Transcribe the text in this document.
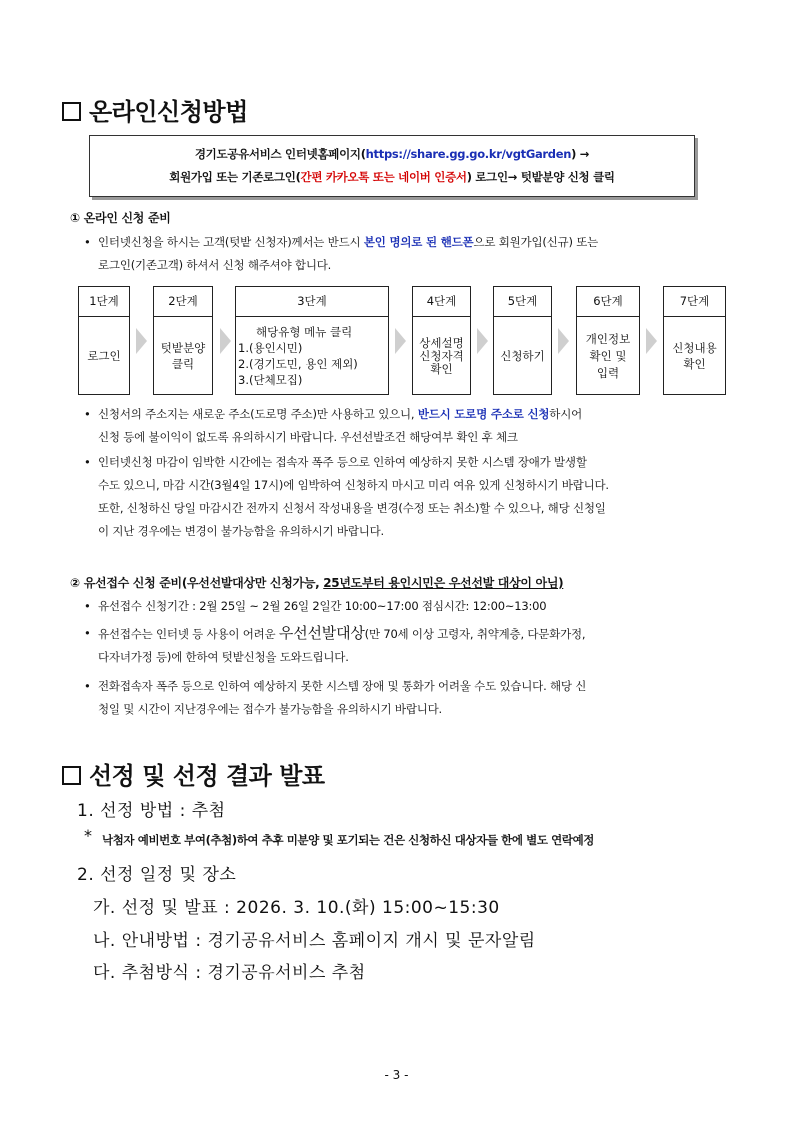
온라인신청방법
경기도공유서비스 인터넷홈페이지(https://share.gg.go.kr/vgtGarden) →
회원가입 또는 기존로그인(간편 카카오톡 또는 네이버 인증서) 로그인→ 텃밭분양 신청 클릭
① 온라인 신청 준비
• 인터넷신청을 하시는 고객(텃밭 신청자)께서는 반드시 본인 명의로 된 핸드폰으로 회원가입(신규) 또는
로그인(기존고객) 하셔서 신청 해주셔야 합니다.
1단계
로그인
2단계
텃밭분양
클릭
3단계
해당유형 메뉴 클릭
1.(용인시민)
2.(경기도민, 용인 제외)
3.(단체모집)
4단계
상세설명
신청자격
확인
5단계
신청하기
6단계
개인정보
확인 및
입력
7단계
신청내용
확인
• 신청서의 주소지는 새로운 주소(도로명 주소)만 사용하고 있으니, 반드시 도로명 주소로 신청하시어
신청 등에 불이익이 없도록 유의하시기 바랍니다. 우선선발조건 해당여부 확인 후 체크
• 인터넷신청 마감이 임박한 시간에는 접속자 폭주 등으로 인하여 예상하지 못한 시스템 장애가 발생할
수도 있으니, 마감 시간(3월4일 17시)에 임박하여 신청하지 마시고 미리 여유 있게 신청하시기 바랍니다.
또한, 신청하신 당일 마감시간 전까지 신청서 작성내용을 변경(수정 또는 취소)할 수 있으나, 해당 신청일
이 지난 경우에는 변경이 불가능함을 유의하시기 바랍니다.
② 유선접수 신청 준비(우선선발대상만 신청가능, 25년도부터 용인시민은 우선선발 대상이 아님)
• 유선접수 신청기간 : 2월 25일 ~ 2월 26일 2일간 10:00~17:00 점심시간: 12:00~13:00
• 유선접수는 인터넷 등 사용이 어려운 우선선발대상(만 70세 이상 고령자, 취약계층, 다문화가정,
다자녀가정 등)에 한하여 텃밭신청을 도와드립니다.
• 전화접속자 폭주 등으로 인하여 예상하지 못한 시스템 장애 및 통화가 어려울 수도 있습니다. 해당 신
청일 및 시간이 지난경우에는 접수가 불가능함을 유의하시기 바랍니다.
선정 및 선정 결과 발표
1. 선정 방법 : 추첨
* 낙첨자 예비번호 부여(추첨)하여 추후 미분양 및 포기되는 건은 신청하신 대상자들 한에 별도 연락예정
2. 선정 일정 및 장소
가. 선정 및 발표 : 2026. 3. 10.(화) 15:00~15:30
나. 안내방법 : 경기공유서비스 홈페이지 개시 및 문자알림
다. 추첨방식 : 경기공유서비스 추첨
- 3 -
